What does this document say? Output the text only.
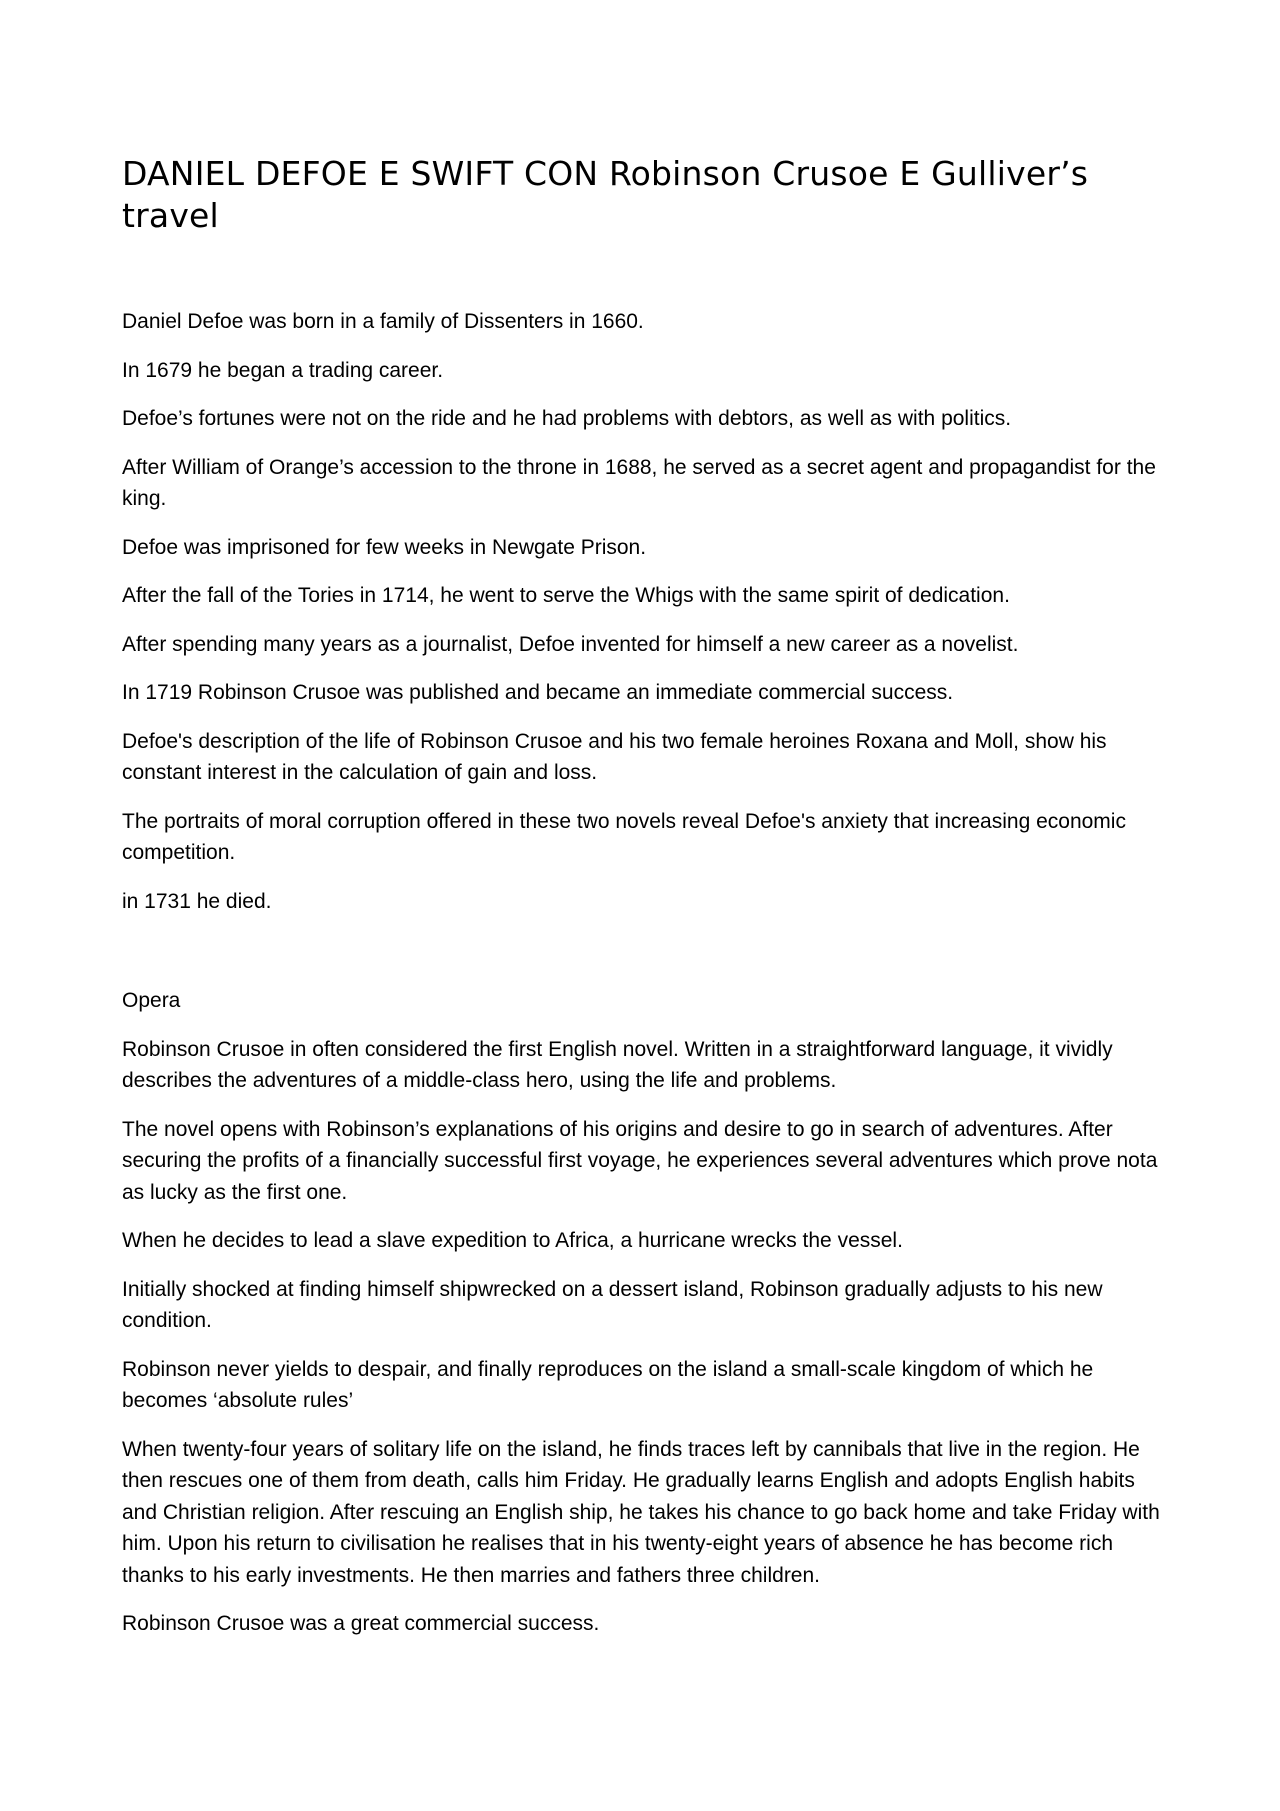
DANIEL DEFOE E SWIFT CON Robinson Crusoe E Gulliver’s travel

Daniel Defoe was born in a family of Dissenters in 1660.

In 1679 he began a trading career.

Defoe’s fortunes were not on the ride and he had problems with debtors, as well as with politics.

After William of Orange’s accession to the throne in 1688, he served as a secret agent and propagandist for the king.

Defoe was imprisoned for few weeks in Newgate Prison.

After the fall of the Tories in 1714, he went to serve the Whigs with the same spirit of dedication.

After spending many years as a journalist, Defoe invented for himself a new career as a novelist.

In 1719 Robinson Crusoe was published and became an immediate commercial success.

Defoe's description of the life of Robinson Crusoe and his two female heroines Roxana and Moll, show his constant interest in the calculation of gain and loss.

The portraits of moral corruption offered in these two novels reveal Defoe's anxiety that increasing economic competition.

in 1731 he died.

Opera

Robinson Crusoe in often considered the first English novel. Written in a straightforward language, it vividly describes the adventures of a middle-class hero, using the life and problems.

The novel opens with Robinson’s explanations of his origins and desire to go in search of adventures. After securing the profits of a financially successful first voyage, he experiences several adventures which prove nota as lucky as the first one.

When he decides to lead a slave expedition to Africa, a hurricane wrecks the vessel.

Initially shocked at finding himself shipwrecked on a dessert island, Robinson gradually adjusts to his new condition.

Robinson never yields to despair, and finally reproduces on the island a small-scale kingdom of which he becomes ‘absolute rules’

When twenty-four years of solitary life on the island, he finds traces left by cannibals that live in the region. He then rescues one of them from death, calls him Friday. He gradually learns English and adopts English habits and Christian religion. After rescuing an English ship, he takes his chance to go back home and take Friday with him. Upon his return to civilisation he realises that in his twenty-eight years of absence he has become rich thanks to his early investments. He then marries and fathers three children.

Robinson Crusoe was a great commercial success.
